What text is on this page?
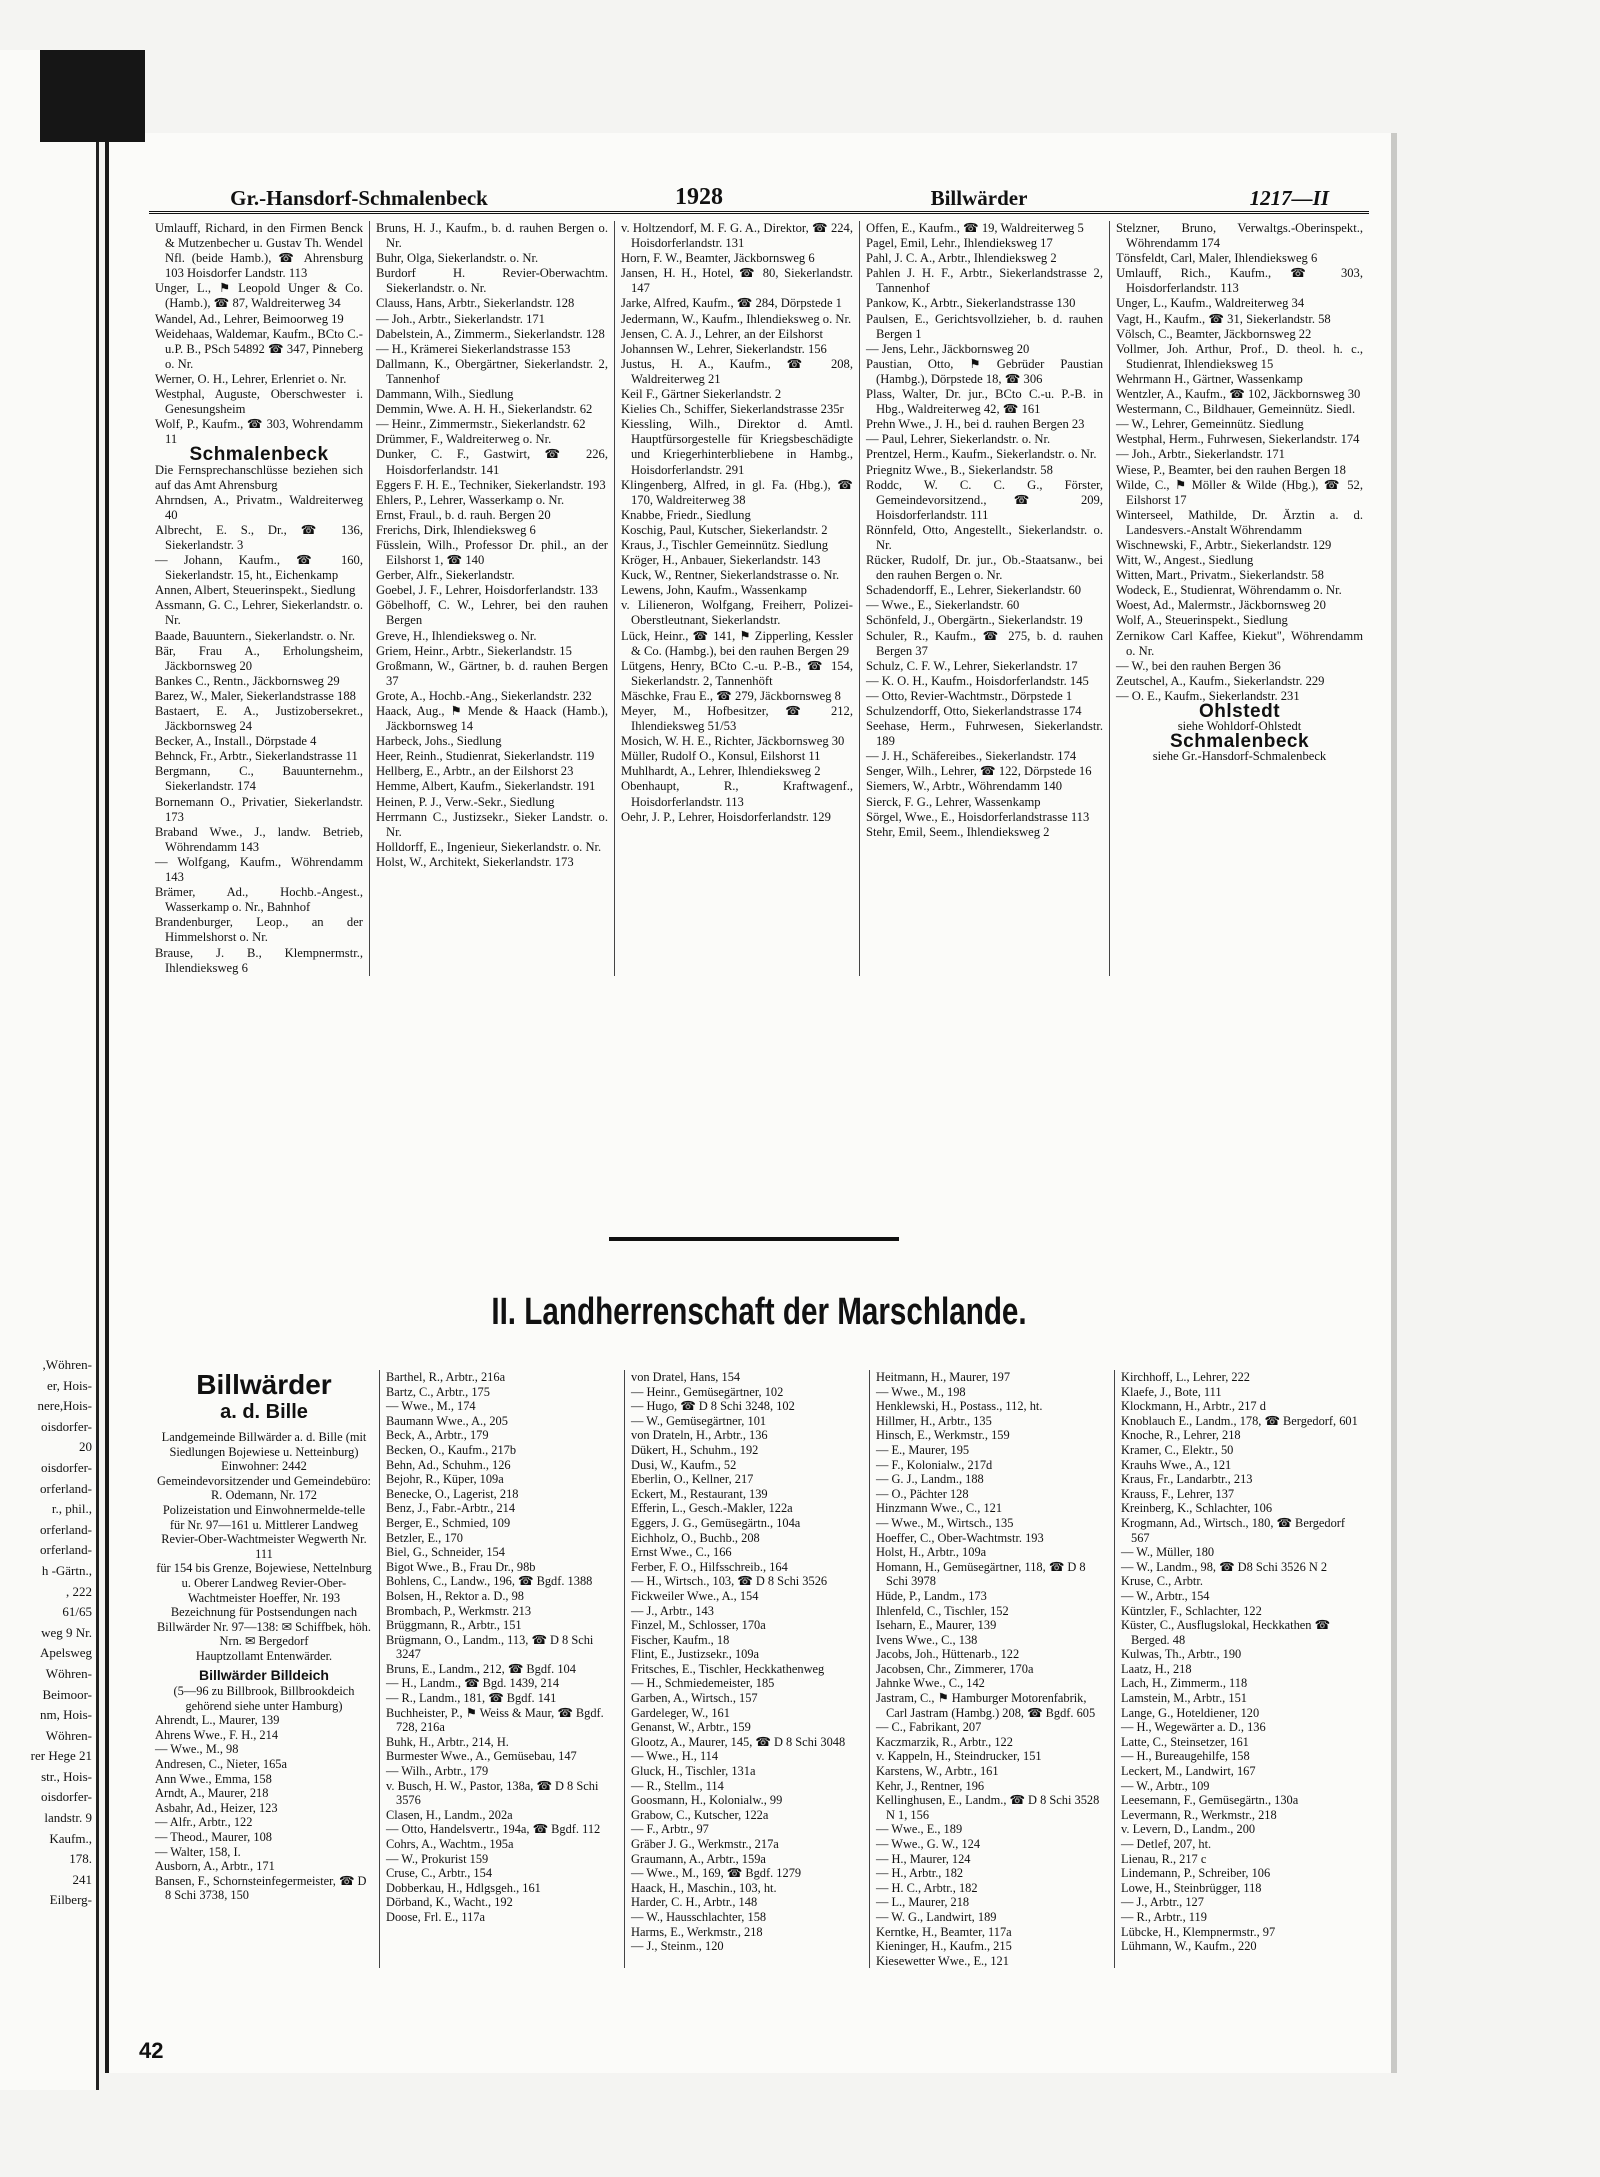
Gr.-Hansdorf-Schmalenbeck	1928	Billwärder	1217—II
Umlauff, Richard, in den Firmen Benck & Mutzenbecher u. Gustav Th. Wendel Nfl. (beide Hamb.), ☎ Ahrensburg 103 Hoisdorfer Landstr. 113
Unger, L., ⚑ Leopold Unger & Co. (Hamb.), ☎ 87, Waldreiterweg 34
Wandel, Ad., Lehrer, Beimoorweg 19
Weidehaas, Waldemar, Kaufm., BCto C.-u.P. B., PSch 54892 ☎ 347, Pinneberg o. Nr.
Werner, O. H., Lehrer, Erlenriet o. Nr.
Westphal, Auguste, Oberschwester i. Genesungsheim
Wolf, P., Kaufm., ☎ 303, Wohrendamm 11
Schmalenbeck
Die Fernsprechanschlüsse beziehen sich auf das Amt Ahrensburg
Ahrndsen, A., Privatm., Waldreiterweg 40
Albrecht, E. S., Dr., ☎ 136, Siekerlandstr. 3
— Johann, Kaufm., ☎ 160, Siekerlandstr. 15, ht., Eichenkamp
Annen, Albert, Steuerinspekt., Siedlung
Assmann, G. C., Lehrer, Siekerlandstr. o. Nr.
Baade, Bauuntern., Siekerlandstr. o. Nr.
Bär, Frau A., Erholungsheim, Jäckbornsweg 20
Bankes C., Rentn., Jäckbornsweg 29
Barez, W., Maler, Siekerlandstrasse 188
Bastaert, E. A., Justizobersekret., Jäckbornsweg 24
Becker, A., Install., Dörpstade 4
Behnck, Fr., Arbtr., Siekerlandstrasse 11
Bergmann, C., Bauunternehm., Siekerlandstr. 174
Bornemann O., Privatier, Siekerlandstr. 173
Braband Wwe., J., landw. Betrieb, Wöhrendamm 143
— Wolfgang, Kaufm., Wöhrendamm 143
Brämer, Ad., Hochb.-Angest., Wasserkamp o. Nr., Bahnhof
Brandenburger, Leop., an der Himmelshorst o. Nr.
Brause, J. B., Klempnermstr., Ihlendieksweg 6
Bruns, H. J., Kaufm., b. d. rauhen Bergen o. Nr.
Buhr, Olga, Siekerlandstr. o. Nr.
Burdorf H. Revier-Oberwachtm. Siekerlandstr. o. Nr.
Clauss, Hans, Arbtr., Siekerlandstr. 128
— Joh., Arbtr., Siekerlandstr. 171
Dabelstein, A., Zimmerm., Siekerlandstr. 128
— H., Krämerei Siekerlandstrasse 153
Dallmann, K., Obergärtner, Siekerlandstr. 2, Tannenhof
Dammann, Wilh., Siedlung
Demmin, Wwe. A. H. H., Siekerlandstr. 62
— Heinr., Zimmermstr., Siekerlandstr. 62
Drümmer, F., Waldreiterweg o. Nr.
Dunker, C. F., Gastwirt, ☎ 226, Hoisdorferlandstr. 141
Eggers F. H. E., Techniker, Siekerlandstr. 193
Ehlers, P., Lehrer, Wasserkamp o. Nr.
Ernst, Fraul., b. d. rauh. Bergen 20
Frerichs, Dirk, Ihlendieksweg 6
Füsslein, Wilh., Professor Dr. phil., an der Eilshorst 1, ☎ 140
Gerber, Alfr., Siekerlandstr.
Goebel, J. F., Lehrer, Hoisdorferlandstr. 133
Göbelhoff, C. W., Lehrer, bei den rauhen Bergen
Greve, H., Ihlendieksweg o. Nr.
Griem, Heinr., Arbtr., Siekerlandstr. 15
Großmann, W., Gärtner, b. d. rauhen Bergen 37
Grote, A., Hochb.-Ang., Siekerlandstr. 232
Haack, Aug., ⚑ Mende & Haack (Hamb.), Jäckbornsweg 14
Harbeck, Johs., Siedlung
Heer, Reinh., Studienrat, Siekerlandstr. 119
Hellberg, E., Arbtr., an der Eilshorst 23
Hemme, Albert, Kaufm., Siekerlandstr. 191
Heinen, P. J., Verw.-Sekr., Siedlung
Herrmann C., Justizsekr., Sieker Landstr. o. Nr.
Holldorff, E., Ingenieur, Siekerlandstr. o. Nr.
Holst, W., Architekt, Siekerlandstr. 173
v. Holtzendorf, M. F. G. A., Direktor, ☎ 224, Hoisdorferlandstr. 131
Horn, F. W., Beamter, Jäckbornsweg 6
Jansen, H. H., Hotel, ☎ 80, Siekerlandstr. 147
Jarke, Alfred, Kaufm., ☎ 284, Dörpstede 1
Jedermann, W., Kaufm., Ihlendieksweg o. Nr.
Jensen, C. A. J., Lehrer, an der Eilshorst
Johannsen W., Lehrer, Siekerlandstr. 156
Justus, H. A., Kaufm., ☎ 208, Waldreiterweg 21
Keil F., Gärtner Siekerlandstr. 2
Kielies Ch., Schiffer, Siekerlandstrasse 235r
Kiessling, Wilh., Direktor d. Amtl. Hauptfürsorgestelle für Kriegsbeschädigte und Kriegerhinterbliebene in Hambg., Hoisdorferlandstr. 291
Klingenberg, Alfred, in gl. Fa. (Hbg.), ☎ 170, Waldreiterweg 38
Knabbe, Friedr., Siedlung
Koschig, Paul, Kutscher, Siekerlandstr. 2
Kraus, J., Tischler Gemeinnütz. Siedlung
Kröger, H., Anbauer, Siekerlandstr. 143
Kuck, W., Rentner, Siekerlandstrasse o. Nr.
Lewens, John, Kaufm., Wassenkamp
v. Lilieneron, Wolfgang, Freiherr, Polizei-Oberstleutnant, Siekerlandstr.
Lück, Heinr., ☎ 141, ⚑ Zipperling, Kessler & Co. (Hambg.), bei den rauhen Bergen 29
Lütgens, Henry, BCto C.-u. P.-B., ☎ 154, Siekerlandstr. 2, Tannenhöft
Mäschke, Frau E., ☎ 279, Jäckbornsweg 8
Meyer, M., Hofbesitzer, ☎ 212, Ihlendieksweg 51/53
Mosich, W. H. E., Richter, Jäckbornsweg 30
Müller, Rudolf O., Konsul, Eilshorst 11
Muhlhardt, A., Lehrer, Ihlendieksweg 2
Obenhaupt, R., Kraftwagenf., Hoisdorferlandstr. 113
Oehr, J. P., Lehrer, Hoisdorferlandstr. 129
Offen, E., Kaufm., ☎ 19, Waldreiterweg 5
Pagel, Emil, Lehr., Ihlendieksweg 17
Pahl, J. C. A., Arbtr., Ihlendieksweg 2
Pahlen J. H. F., Arbtr., Siekerlandstrasse 2, Tannenhof
Pankow, K., Arbtr., Siekerlandstrasse 130
Paulsen, E., Gerichtsvollzieher, b. d. rauhen Bergen 1
— Jens, Lehr., Jäckbornsweg 20
Paustian, Otto, ⚑ Gebrüder Paustian (Hambg.), Dörpstede 18, ☎ 306
Plass, Walter, Dr. jur., BCto C.-u. P.-B. in Hbg., Waldreiterweg 42, ☎ 161
Prehn Wwe., J. H., bei d. rauhen Bergen 23
— Paul, Lehrer, Siekerlandstr. o. Nr.
Prentzel, Herm., Kaufm., Siekerlandstr. o. Nr.
Priegnitz Wwe., B., Siekerlandstr. 58
Roddc, W. C. C. G., Förster, Gemeindevorsitzend., ☎ 209, Hoisdorferlandstr. 111
Rönnfeld, Otto, Angestellt., Siekerlandstr. o. Nr.
Rücker, Rudolf, Dr. jur., Ob.-Staatsanw., bei den rauhen Bergen o. Nr.
Schadendorff, E., Lehrer, Siekerlandstr. 60
— Wwe., E., Siekerlandstr. 60
Schönfeld, J., Obergärtn., Siekerlandstr. 19
Schuler, R., Kaufm., ☎ 275, b. d. rauhen Bergen 37
Schulz, C. F. W., Lehrer, Siekerlandstr. 17
— K. O. H., Kaufm., Hoisdorferlandstr. 145
— Otto, Revier-Wachtmstr., Dörpstede 1
Schulzendorff, Otto, Siekerlandstrasse 174
Seehase, Herm., Fuhrwesen, Siekerlandstr. 189
— J. H., Schäfereibes., Siekerlandstr. 174
Senger, Wilh., Lehrer, ☎ 122, Dörpstede 16
Siemers, W., Arbtr., Wöhrendamm 140
Sierck, F. G., Lehrer, Wassenkamp
Sörgel, Wwe., E., Hoisdorferlandstrasse 113
Stehr, Emil, Seem., Ihlendieksweg 2
Stelzner, Bruno, Verwaltgs.-Oberinspekt., Wöhrendamm 174
Tönsfeldt, Carl, Maler, Ihlendieksweg 6
Umlauff, Rich., Kaufm., ☎ 303, Hoisdorferlandstr. 113
Unger, L., Kaufm., Waldreiterweg 34
Vagt, H., Kaufm., ☎ 31, Siekerlandstr. 58
Völsch, C., Beamter, Jäckbornsweg 22
Vollmer, Joh. Arthur, Prof., D. theol. h. c., Studienrat, Ihlendieksweg 15
Wehrmann H., Gärtner, Wassenkamp
Wentzler, A., Kaufm., ☎ 102, Jäckbornsweg 30
Westermann, C., Bildhauer, Gemeinnütz. Siedl.
— W., Lehrer, Gemeinnütz. Siedlung
Westphal, Herm., Fuhrwesen, Siekerlandstr. 174
— Joh., Arbtr., Siekerlandstr. 171
Wiese, P., Beamter, bei den rauhen Bergen 18
Wilde, C., ⚑ Möller & Wilde (Hbg.), ☎ 52, Eilshorst 17
Winterseel, Mathilde, Dr. Ärztin a. d. Landesvers.-Anstalt Wöhrendamm
Wischnewski, F., Arbtr., Siekerlandstr. 129
Witt, W., Angest., Siedlung
Witten, Mart., Privatm., Siekerlandstr. 58
Wodeck, E., Studienrat, Wöhrendamm o. Nr.
Woest, Ad., Malermstr., Jäckbornsweg 20
Wolf, A., Steuerinspekt., Siedlung
Zernikow Carl Kaffee, Kiekut", Wöhrendamm o. Nr.
— W., bei den rauhen Bergen 36
Zeutschel, A., Kaufm., Siekerlandstr. 229
— O. E., Kaufm., Siekerlandstr. 231
Ohlstedt
siehe Wohldorf-Ohlstedt
Schmalenbeck
siehe Gr.-Hansdorf-Schmalenbeck
II. Landherrenschaft der Marschlande.
Billwärder
a. d. Bille
Landgemeinde Billwärder a. d. Bille (mit Siedlungen Bojewiese u. Netteinburg)
Einwohner: 2442
Gemeindevorsitzender und Gemeindebüro:
R. Odemann, Nr. 172
Polizeistation und Einwohnermelde-telle für Nr. 97—161 u. Mittlerer Landweg
Revier-Ober-Wachtmeister Wegwerth Nr. 111
für 154 bis Grenze, Bojewiese, Nettelnburg u. Oberer Landweg Revier-Ober-Wachtmeister Hoeffer, Nr. 193
Bezeichnung für Postsendungen nach Billwärder Nr. 97—138: ✉ Schiffbek, höh. Nrn. ✉ Bergedorf
Hauptzollamt Entenwärder.
Billwärder Billdeich
(5—96 zu Billbrook, Billbrookdeich gehörend siehe unter Hamburg)
Ahrendt, L., Maurer, 139
Ahrens Wwe., F. H., 214
— Wwe., M., 98
Andresen, C., Nieter, 165a
Ann Wwe., Emma, 158
Arndt, A., Maurer, 218
Asbahr, Ad., Heizer, 123
— Alfr., Arbtr., 122
— Theod., Maurer, 108
— Walter, 158, I.
Ausborn, A., Arbtr., 171
Bansen, F., Schornsteinfegermeister, ☎ D 8 Schi 3738, 150
Barthel, R., Arbtr., 216a
Bartz, C., Arbtr., 175
— Wwe., M., 174
Baumann Wwe., A., 205
Beck, A., Arbtr., 179
Becken, O., Kaufm., 217b
Behn, Ad., Schuhm., 126
Bejohr, R., Küper, 109a
Benecke, O., Lagerist, 218
Benz, J., Fabr.-Arbtr., 214
Berger, E., Schmied, 109
Betzler, E., 170
Biel, G., Schneider, 154
Bigot Wwe., B., Frau Dr., 98b
Bohlens, C., Landw., 196, ☎ Bgdf. 1388
Bolsen, H., Rektor a. D., 98
Brombach, P., Werkmstr. 213
Brüggmann, R., Arbtr., 151
Brügmann, O., Landm., 113, ☎ D 8 Schi 3247
Bruns, E., Landm., 212, ☎ Bgdf. 104
— H., Landm., ☎ Bgd. 1439, 214
— R., Landm., 181, ☎ Bgdf. 141
Buchheister, P., ⚑ Weiss & Maur, ☎ Bgdf. 728, 216a
Buhk, H., Arbtr., 214, H.
Burmester Wwe., A., Gemüsebau, 147
— Wilh., Arbtr., 179
v. Busch, H. W., Pastor, 138a, ☎ D 8 Schi 3576
Clasen, H., Landm., 202a
— Otto, Handelsvertr., 194a, ☎ Bgdf. 112
Cohrs, A., Wachtm., 195a
— W., Prokurist 159
Cruse, C., Arbtr., 154
Dobberkau, H., Hdlgsgeh., 161
Dörband, K., Wacht., 192
Doose, Frl. E., 117a
von Dratel, Hans, 154
— Heinr., Gemüsegärtner, 102
— Hugo, ☎ D 8 Schi 3248, 102
— W., Gemüsegärtner, 101
von Drateln, H., Arbtr., 136
Dükert, H., Schuhm., 192
Dusi, W., Kaufm., 52
Eberlin, O., Kellner, 217
Eckert, M., Restaurant, 139
Efferin, L., Gesch.-Makler, 122a
Eggers, J. G., Gemüsegärtn., 104a
Eichholz, O., Buchb., 208
Ernst Wwe., C., 166
Ferber, F. O., Hilfsschreib., 164
— H., Wirtsch., 103, ☎ D 8 Schi 3526
Fickweiler Wwe., A., 154
— J., Arbtr., 143
Finzel, M., Schlosser, 170a
Fischer, Kaufm., 18
Flint, E., Justizsekr., 109a
Fritsches, E., Tischler, Heckkathenweg
— H., Schmiedemeister, 185
Garben, A., Wirtsch., 157
Gardeleger, W., 161
Genanst, W., Arbtr., 159
Glootz, A., Maurer, 145, ☎ D 8 Schi 3048
— Wwe., H., 114
Gluck, H., Tischler, 131a
— R., Stellm., 114
Goosmann, H., Kolonialw., 99
Grabow, C., Kutscher, 122a
— F., Arbtr., 97
Gräber J. G., Werkmstr., 217a
Graumann, A., Arbtr., 159a
— Wwe., M., 169, ☎ Bgdf. 1279
Haack, H., Maschin., 103, ht.
Harder, C. H., Arbtr., 148
— W., Hausschlachter, 158
Harms, E., Werkmstr., 218
— J., Steinm., 120
Heitmann, H., Maurer, 197
— Wwe., M., 198
Henklewski, H., Postass., 112, ht.
Hillmer, H., Arbtr., 135
Hinsch, E., Werkmstr., 159
— E., Maurer, 195
— F., Kolonialw., 217d
— G. J., Landm., 188
— O., Pächter 128
Hinzmann Wwe., C., 121
— Wwe., M., Wirtsch., 135
Hoeffer, C., Ober-Wachtmstr. 193
Holst, H., Arbtr., 109a
Homann, H., Gemüsegärtner, 118, ☎ D 8 Schi 3978
Hüde, P., Landm., 173
Ihlenfeld, C., Tischler, 152
Iseharn, E., Maurer, 139
Ivens Wwe., C., 138
Jacobs, Joh., Hüttenarb., 122
Jacobsen, Chr., Zimmerer, 170a
Jahnke Wwe., C., 142
Jastram, C., ⚑ Hamburger Motorenfabrik, Carl Jastram (Hambg.) 208, ☎ Bgdf. 605
— C., Fabrikant, 207
Kaczmarzik, R., Arbtr., 122
v. Kappeln, H., Steindrucker, 151
Karstens, W., Arbtr., 161
Kehr, J., Rentner, 196
Kellinghusen, E., Landm., ☎ D 8 Schi 3528 N 1, 156
— Wwe., E., 189
— Wwe., G. W., 124
— H., Maurer, 124
— H., Arbtr., 182
— H. C., Arbtr., 182
— L., Maurer, 218
— W. G., Landwirt, 189
Kerntke, H., Beamter, 117a
Kieninger, H., Kaufm., 215
Kiesewetter Wwe., E., 121
Kirchhoff, L., Lehrer, 222
Klaefe, J., Bote, 111
Klockmann, H., Arbtr., 217 d
Knoblauch E., Landm., 178, ☎ Bergedorf, 601
Knoche, R., Lehrer, 218
Kramer, C., Elektr., 50
Krauhs Wwe., A., 121
Kraus, Fr., Landarbtr., 213
Krauss, F., Lehrer, 137
Kreinberg, K., Schlachter, 106
Krogmann, Ad., Wirtsch., 180, ☎ Bergedorf 567
— W., Müller, 180
— W., Landm., 98, ☎ D8 Schi 3526 N 2
Kruse, C., Arbtr.
— W., Arbtr., 154
Küntzler, F., Schlachter, 122
Küster, C., Ausflugslokal, Heckkathen ☎ Berged. 48
Kulwas, Th., Arbtr., 190
Laatz, H., 218
Lach, H., Zimmerm., 118
Lamstein, M., Arbtr., 151
Lange, G., Hoteldiener, 120
— H., Wegewärter a. D., 136
Latte, C., Steinsetzer, 161
— H., Bureaugehilfe, 158
Leckert, M., Landwirt, 167
— W., Arbtr., 109
Leesemann, F., Gemüsegärtn., 130a
Levermann, R., Werkmstr., 218
v. Levern, D., Landm., 200
— Detlef, 207, ht.
Lienau, R., 217 c
Lindemann, P., Schreiber, 106
Lowe, H., Steinbrügger, 118
— J., Arbtr., 127
— R., Arbtr., 119
Lübcke, H., Klempnermstr., 97
Lühmann, W., Kaufm., 220
42
,Wöhren-
er, Hois-
nere,Hois-
oisdorfer-
20
oisdorfer-
orferland-
r., phil.,
orferland-
orferland-
h -Gärtn.,
, 222
61/65
weg 9 Nr.
Apelsweg
Wöhren-
Beimoor-
nm, Hois-
Wöhren-
rer Hege 21
str., Hois-
oisdorfer-
landstr. 9
Kaufm.,
178.
241
Eilberg-
